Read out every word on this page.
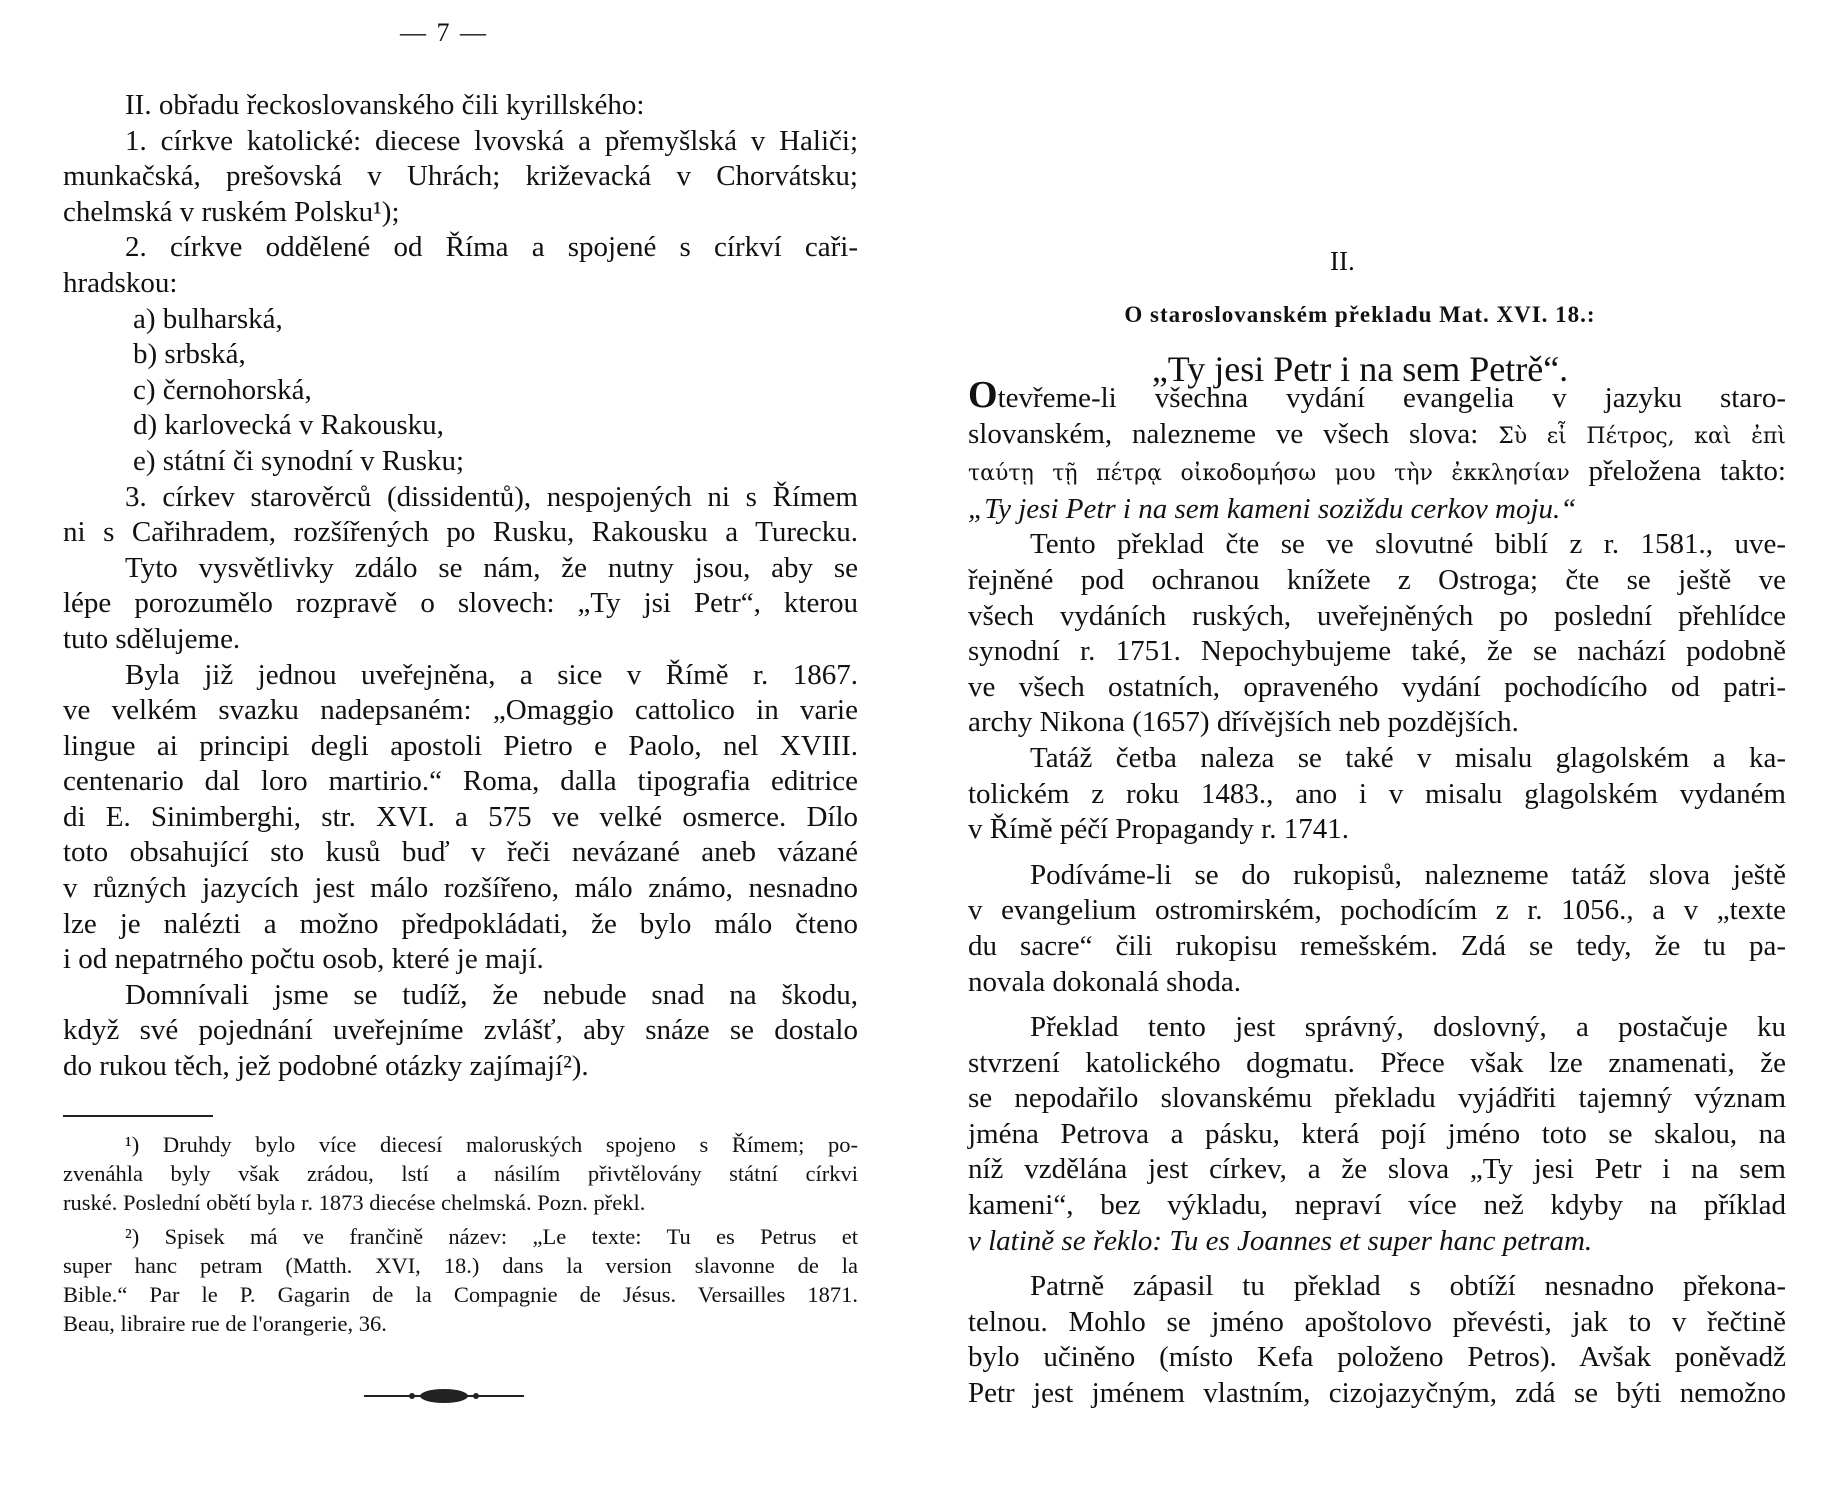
— 7 —
II. obřadu řeckoslovanského čili kyrillského:
1. církve katolické: diecese lvovská a přemyšlská v Haliči;
munkačská, prešovská v Uhrách; križevacká v Chorvátsku;
chelmská v ruském Polsku¹);
2. církve oddělené od Říma a spojené s církví caři-
hradskou:
a) bulharská,
b) srbská,
c) černohorská,
d) karlovecká v Rakousku,
e) státní či synodní v Rusku;
3. církev starověrců (dissidentů), nespojených ni s Římem
ni s Cařihradem, rozšířených po Rusku, Rakousku a Turecku.
Tyto vysvětlivky zdálo se nám, že nutny jsou, aby se
lépe porozumělo rozpravě o slovech: „Ty jsi Petr“, kterou
tuto sdělujeme.
Byla již jednou uveřejněna, a sice v Římě r. 1867.
ve velkém svazku nadepsaném: „Omaggio cattolico in varie
lingue ai principi degli apostoli Pietro e Paolo, nel XVIII.
centenario dal loro martirio.“ Roma, dalla tipografia editrice
di E. Sinimberghi, str. XVI. a 575 ve velké osmerce. Dílo
toto obsahující sto kusů buď v řeči nevázané aneb vázané
v různých jazycích jest málo rozšířeno, málo známo, nesnadno
lze je nalézti a možno předpokládati, že bylo málo čteno
i od nepatrného počtu osob, které je mají.
Domnívali jsme se tudíž, že nebude snad na škodu,
když své pojednání uveřejníme zvlášť, aby snáze se dostalo
do rukou těch, jež podobné otázky zajímají²).
¹) Druhdy bylo více diecesí maloruských spojeno s Římem; po-
zvenáhla byly však zrádou, lstí a násilím přivtělovány státní církvi
ruské. Poslední obětí byla r. 1873 diecése chelmská. Pozn. překl.
²) Spisek má ve frančině název: „Le texte: Tu es Petrus et
super hanc petram (Matth. XVI, 18.) dans la version slavonne de la
Bible.“ Par le P. Gagarin de la Compagnie de Jésus. Versailles 1871.
Beau, libraire rue de l'orangerie, 36.
II.
O staroslovanském překladu Mat. XVI. 18.:
„Ty jesi Petr i na sem Petrě“.
Otevřeme-li všechna vydání evangelia v jazyku staro-
slovanském, nalezneme ve všech slova: Σὺ εἶ Πέτρος, καὶ ἐπὶ
ταύτῃ τῇ πέτρᾳ οἰκοδομήσω μου τὴν ἐκκλησίαν přeložena takto:
„Ty jesi Petr i na sem kameni soziždu cerkov moju.“
Tento překlad čte se ve slovutné biblí z r. 1581., uve-
řejněné pod ochranou knížete z Ostroga; čte se ještě ve
všech vydáních ruských, uveřejněných po poslední přehlídce
synodní r. 1751. Nepochybujeme také, že se nachází podobně
ve všech ostatních, opraveného vydání pochodícího od patri-
archy Nikona (1657) dřívějších neb pozdějších.
Tatáž četba naleza se také v misalu glagolském a ka-
tolickém z roku 1483., ano i v misalu glagolském vydaném
v Římě péčí Propagandy r. 1741.
Podíváme-li se do rukopisů, nalezneme tatáž slova ještě
v evangelium ostromirském, pochodícím z r. 1056., a v „texte
du sacre“ čili rukopisu remešském. Zdá se tedy, že tu pa-
novala dokonalá shoda.
Překlad tento jest správný, doslovný, a postačuje ku
stvrzení katolického dogmatu. Přece však lze znamenati, že
se nepodařilo slovanskému překladu vyjádřiti tajemný význam
jména Petrova a pásku, která pojí jméno toto se skalou, na
níž vzdělána jest církev, a že slova „Ty jesi Petr i na sem
kameni“, bez výkladu, nepraví více než kdyby na příklad
v latině se řeklo: Tu es Joannes et super hanc petram.
Patrně zápasil tu překlad s obtíží nesnadno překona-
telnou. Mohlo se jméno apoštolovo převésti, jak to v řečtině
bylo učiněno (místo Kefa položeno Petros). Avšak poněvadž
Petr jest jménem vlastním, cizojazyčným, zdá se býti nemožno
